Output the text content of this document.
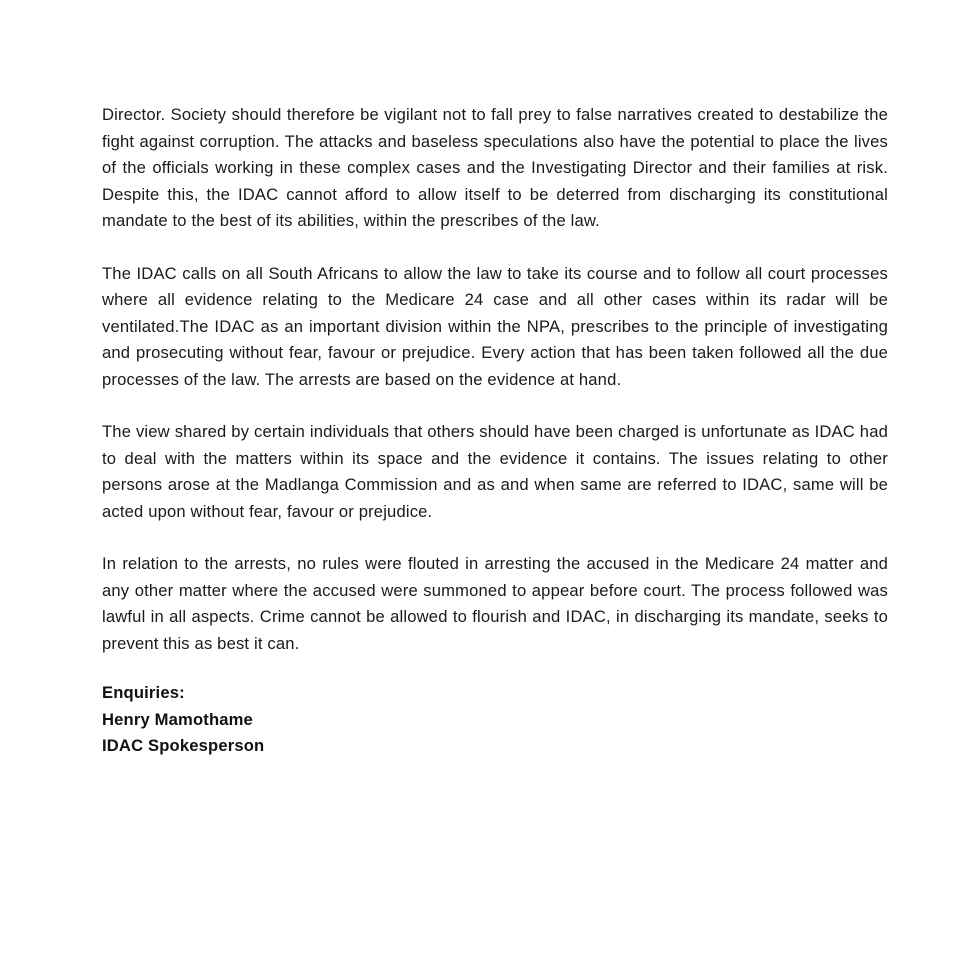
Director. Society should therefore be vigilant not to fall prey to false narratives created to destabilize the fight against corruption. The attacks and baseless speculations also have the potential to place the lives of the officials working in these complex cases and the Investigating Director and their families at risk. Despite this, the IDAC cannot afford to allow itself to be deterred from discharging its constitutional mandate to the best of its abilities, within the prescribes of the law.

The IDAC calls on all South Africans to allow the law to take its course and to follow all court processes where all evidence relating to the Medicare 24 case and all other cases within its radar will be ventilated.The IDAC as an important division within the NPA, prescribes to the principle of investigating and prosecuting without fear, favour or prejudice. Every action that has been taken followed all the due processes of the law. The arrests are based on the evidence at hand.

The view shared by certain individuals that others should have been charged is unfortunate as IDAC had to deal with the matters within its space and the evidence it contains. The issues relating to other persons arose at the Madlanga Commission and as and when same are referred to IDAC, same will be acted upon without fear, favour or prejudice.

In relation to the arrests, no rules were flouted in arresting the accused in the Medicare 24 matter and any other matter where the accused were summoned to appear before court. The process followed was lawful in all aspects. Crime cannot be allowed to flourish and IDAC, in discharging its mandate, seeks to prevent this as best it can.

Enquiries:
Henry Mamothame
IDAC Spokesperson
